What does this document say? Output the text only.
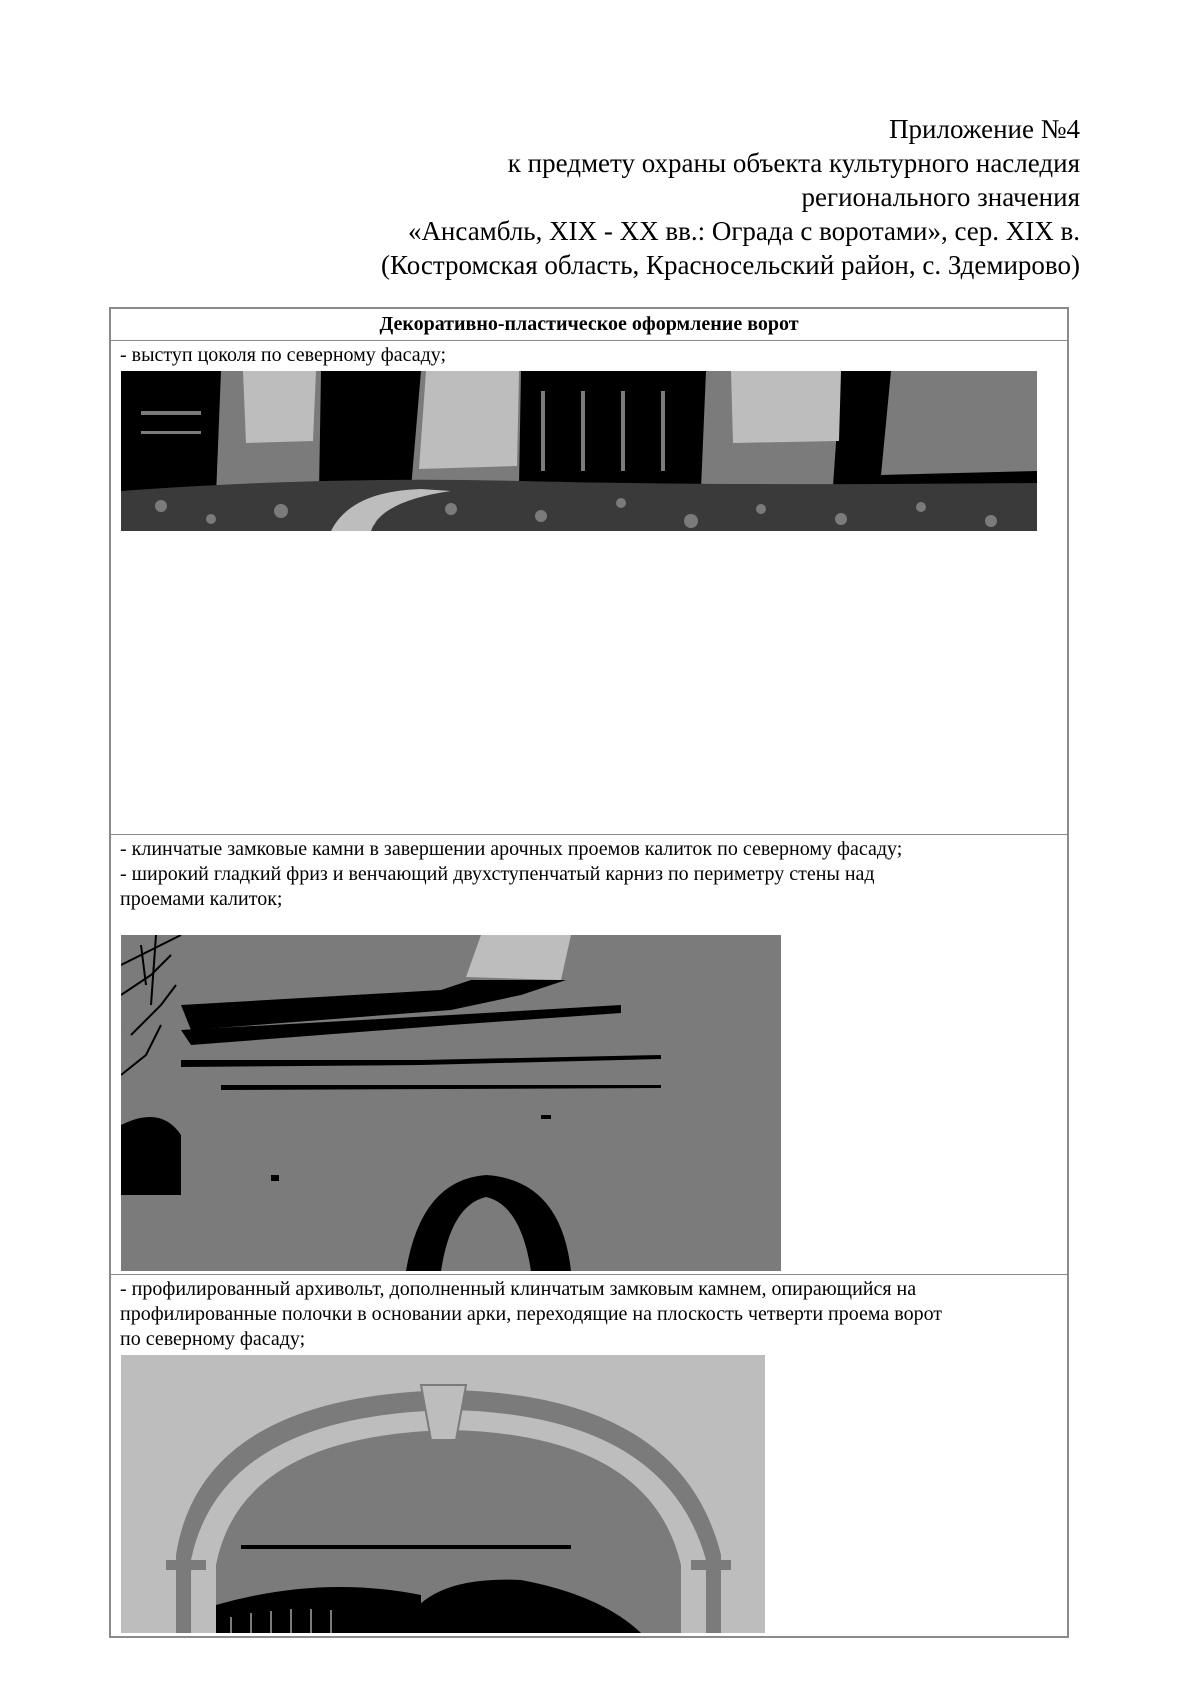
Приложение №4
к предмету охраны объекта культурного наследия
регионального значения
«Ансамбль, XIX - XX вв.: Ограда с воротами», сер. XIX в.
(Костромская область, Красносельский район, с. Здемирово)
Декоративно-пластическое оформление ворот
- выступ цоколя по северному фасаду;
- клинчатые замковые камни в завершении арочных проемов калиток по северному фасаду;
- широкий гладкий фриз и венчающий двухступенчатый карниз по периметру стены над
проемами калиток;
- профилированный архивольт, дополненный клинчатым замковым камнем, опирающийся на
профилированные полочки в основании арки, переходящие на плоскость четверти проема ворот
по северному фасаду;
